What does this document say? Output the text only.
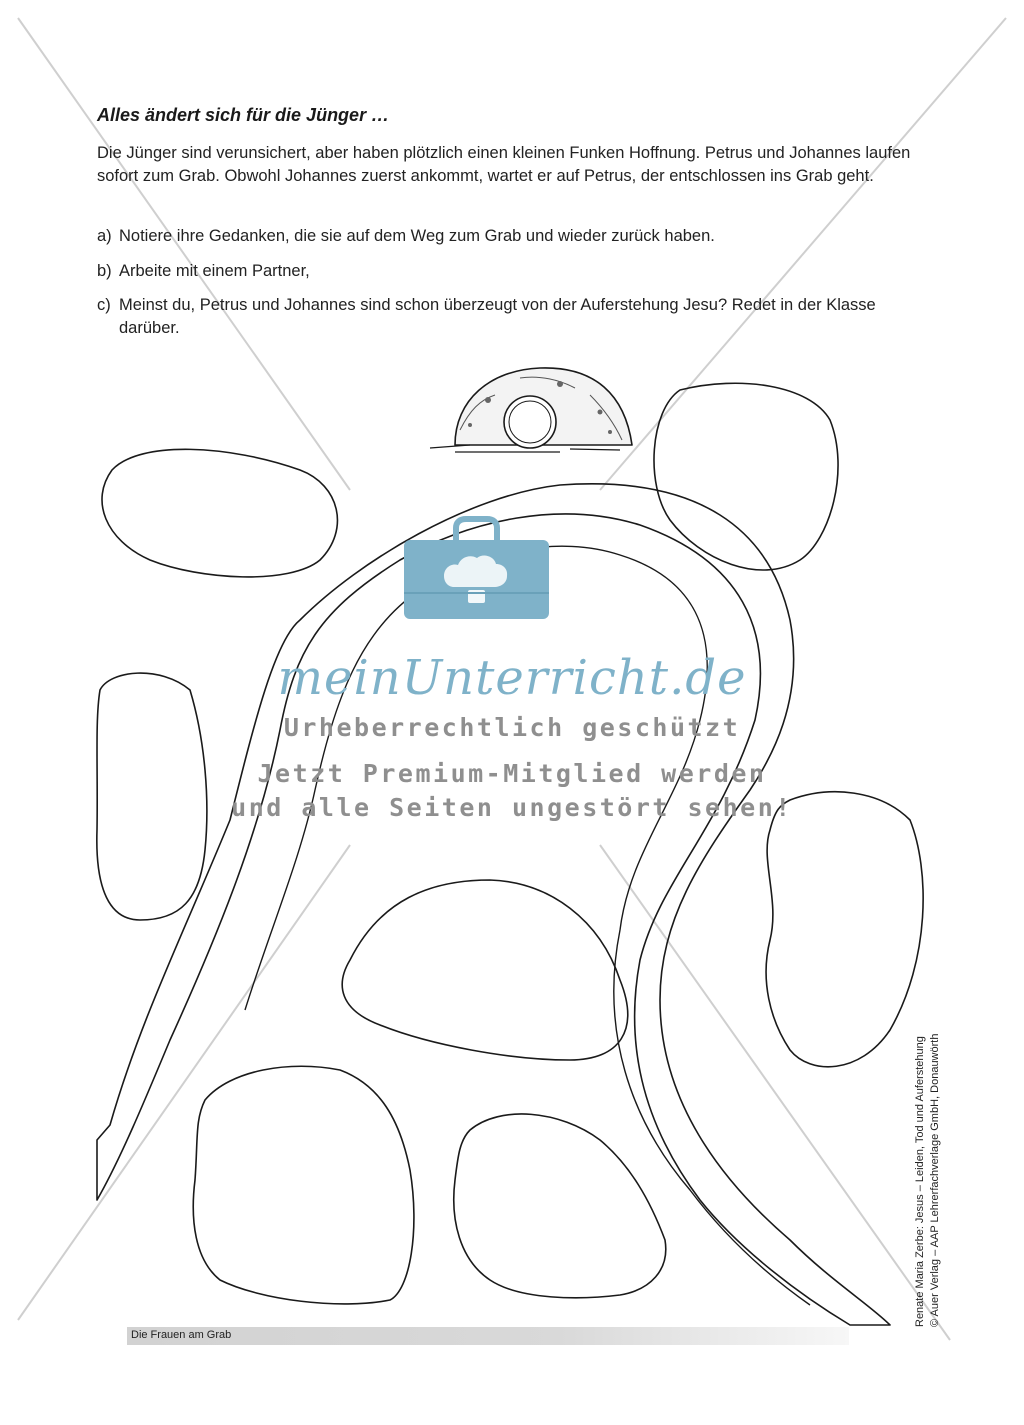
Alles ändert sich für die Jünger …

Die Jünger sind verunsichert, aber haben plötzlich einen kleinen Funken Hoffnung. Petrus und Johannes laufen sofort zum Grab. Obwohl Johannes zuerst ankommt, wartet er auf Petrus, der entschlossen ins Grab geht.

a) Notiere ihre Gedanken, die sie auf dem Weg zum Grab und wieder zurück haben.
b) Arbeite mit einem Partner,
c) Meinst du, Petrus und Johannes sind schon überzeugt von der Auferstehung Jesu? Redet in der Klasse darüber.
meinUnterricht.de
Urheberrechtlich geschützt
Jetzt Premium-Mitglied werden
und alle Seiten ungestört sehen!
Renate Maria Zerbe: Jesus – Leiden, Tod und Auferstehung © Auer Verlag – AAP Lehrerfachverlage GmbH, Donauwörth
Die Frauen am Grab
